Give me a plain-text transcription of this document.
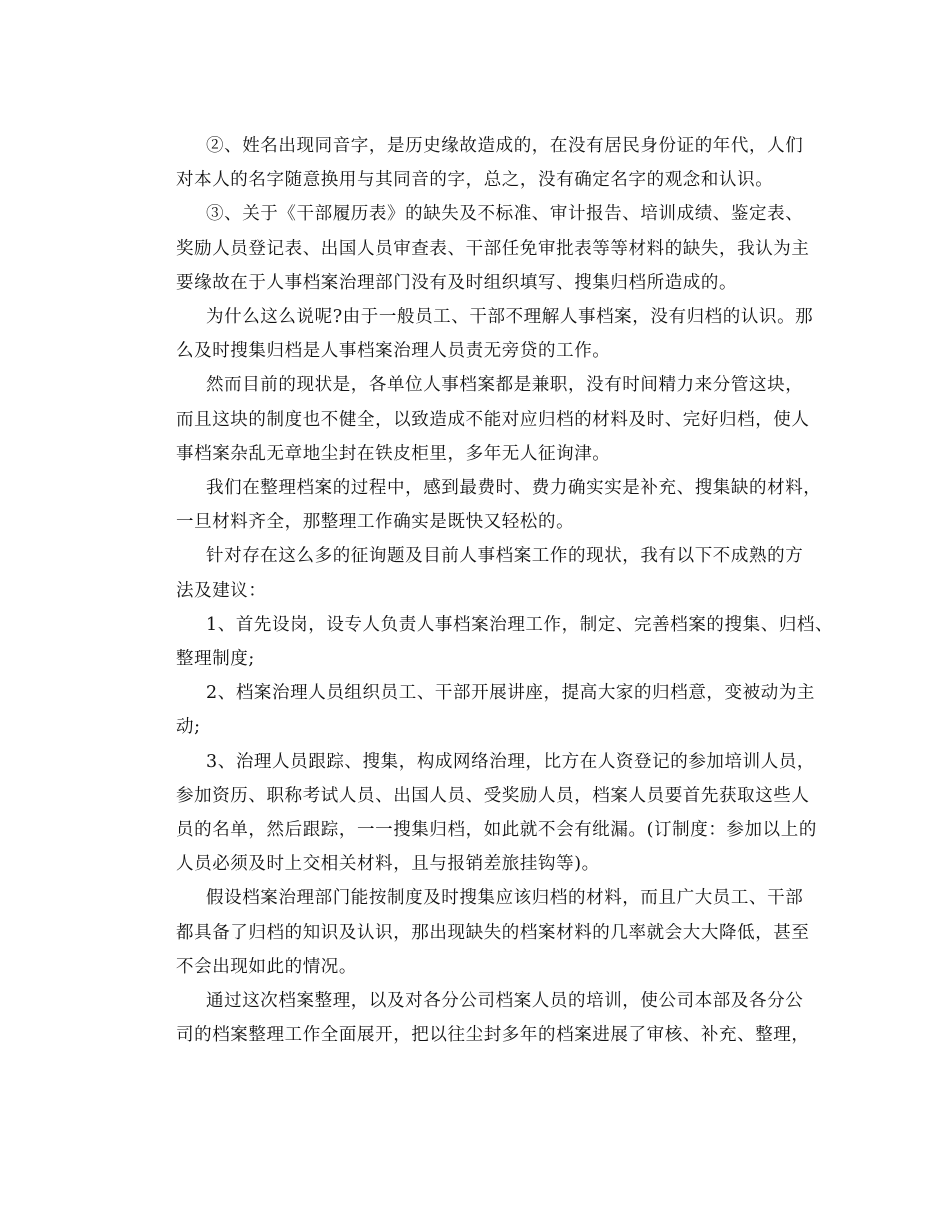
②、姓名出现同音字，是历史缘故造成的，在没有居民身份证的年代，人们
对本人的名字随意换用与其同音的字，总之，没有确定名字的观念和认识。
③、关于《干部履历表》的缺失及不标准、审计报告、培训成绩、鉴定表、
奖励人员登记表、出国人员审查表、干部任免审批表等等材料的缺失，我认为主
要缘故在于人事档案治理部门没有及时组织填写、搜集归档所造成的。
为什么这么说呢?由于一般员工、干部不理解人事档案，没有归档的认识。那
么及时搜集归档是人事档案治理人员责无旁贷的工作。
然而目前的现状是，各单位人事档案都是兼职，没有时间精力来分管这块，
而且这块的制度也不健全，以致造成不能对应归档的材料及时、完好归档，使人
事档案杂乱无章地尘封在铁皮柜里，多年无人征询津。
我们在整理档案的过程中，感到最费时、费力确实实是补充、搜集缺的材料，
一旦材料齐全，那整理工作确实是既快又轻松的。
针对存在这么多的征询题及目前人事档案工作的现状，我有以下不成熟的方
法及建议：
1、首先设岗，设专人负责人事档案治理工作，制定、完善档案的搜集、归档、
整理制度;
2、档案治理人员组织员工、干部开展讲座，提高大家的归档意，变被动为主
动;
3、治理人员跟踪、搜集，构成网络治理，比方在人资登记的参加培训人员，
参加资历、职称考试人员、出国人员、受奖励人员，档案人员要首先获取这些人
员的名单，然后跟踪，一一搜集归档，如此就不会有纰漏。(订制度：参加以上的
人员必须及时上交相关材料，且与报销差旅挂钩等)。
假设档案治理部门能按制度及时搜集应该归档的材料，而且广大员工、干部
都具备了归档的知识及认识，那出现缺失的档案材料的几率就会大大降低，甚至
不会出现如此的情况。
通过这次档案整理，以及对各分公司档案人员的培训，使公司本部及各分公
司的档案整理工作全面展开，把以往尘封多年的档案进展了审核、补充、整理，
